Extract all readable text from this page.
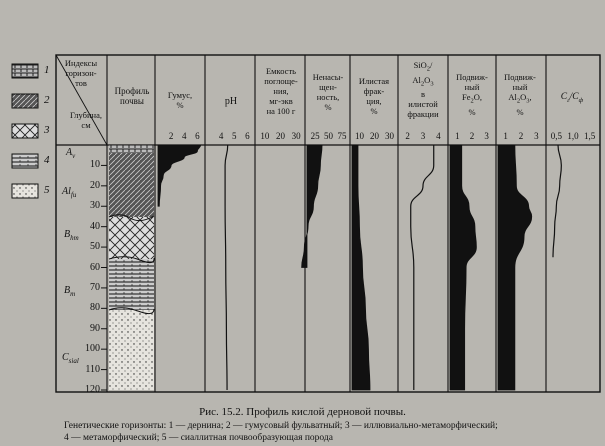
1
2
3
4
5
Индексы
горизон-
тов
Глубина,
см
Профиль
почвы
Гумус,
%	pH
Емкость
поглоще-
ния,
мг-экв
на 100 г
Ненасы-
щен-
ность,
%
Илистая
фрак-
ция,
%
SiO$_2$/
$Al_2O_3$
в
илистой
фракции
Подвиж-
ный
$Fe_2O$,
%
Подвиж-
ный
$Al_2O_3$,
%
$C_г/C_ф$
$A_v$
$Al_{fu}$
$B_{hm}$
$B_m$
$C_{sial}$
10
20
30
40
50
60
70
80
90
100
110
120
2 4 6	4 5 6	10 20 30	25 50 75 10 20 30	2	3	4	1	2	3	1	2	3	0,5 1,0 1,5
Рис. 15.2. Профиль кислой дерновой почвы.
Генетические горизонты: 1 — дернина; 2 — гумусовый фульватный; 3 — иллювиально-метаморфический;
4 — метаморфический; 5 — сиаллитная почвообразующая порода
